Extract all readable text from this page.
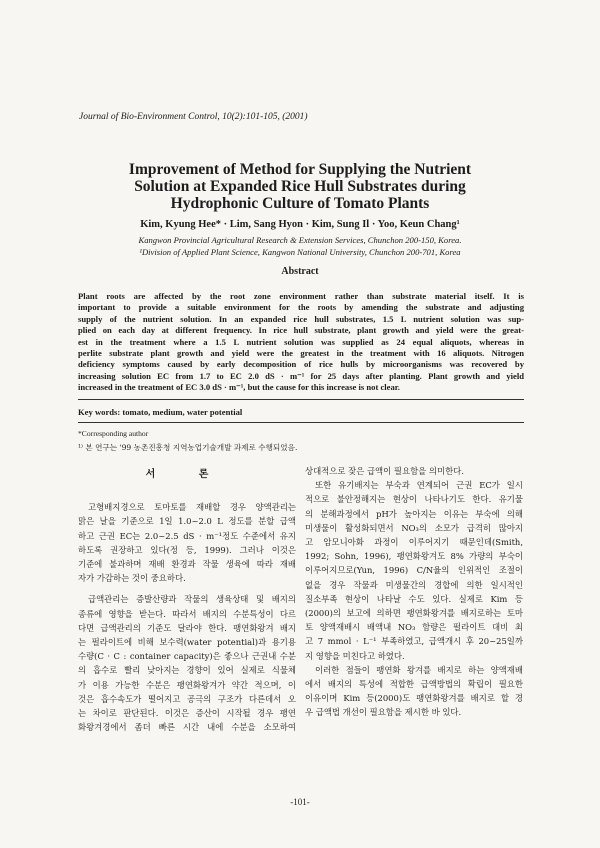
Journal of Bio-Environment Control, 10(2):101-105, (2001)
Improvement of Method for Supplying the Nutrient
Solution at Expanded Rice Hull Substrates during
Hydrophonic Culture of Tomato Plants
Kim, Kyung Hee* · Lim, Sang Hyon · Kim, Sung Il · Yoo, Keun Chang¹
Kangwon Provincial Agricultural Research & Extension Services, Chunchon 200-150, Korea.
¹Division of Applied Plant Science, Kangwon National University, Chunchon 200-701, Korea
Abstract
Plant roots are affected by the root zone environment rather than substrate material itself. It is
important to provide a suitable environment for the roots by amending the substrate and adjusting
supply of the nutrient solution. In an expanded rice hull substrates, 1.5 L nutrient solution was sup-
plied on each day at different frequency. In rice hull substrate, plant growth and yield were the great-
est in the treatment where a 1.5 L nutrient solution was supplied as 24 equal aliquots, whereas in
perlite substrate plant growth and yield were the greatest in the treatment with 16 aliquots. Nitrogen
deficiency symptoms caused by early decomposition of rice hulls by microorganisms was recovered by
increasing solution EC from 1.7 to EC 2.0 dS · m⁻¹ for 25 days after planting. Plant growth and yield
increased in the treatment of EC 3.0 dS · m⁻¹, but the cause for this increase is not clear.
Key words: tomato, medium, water potential
*Corresponding author
¹⁾ 본 연구는 '99 농촌진흥청 지역농업기술개발 과제로 수행되었음.
서 론
고형배지경으로 토마토를 재배할 경우 양액관리는
맑은 날을 기준으로 1일 1.0~2.0 L 정도를 분할 급액
하고 근권 EC는 2.0~2.5 dS · m⁻¹정도 수준에서 유지
하도록 권장하고 있다(정 등, 1999). 그러나 이것은
기준에 불과하며 재배 환경과 작물 생육에 따라 재배
자가 가감하는 것이 중요하다.
급액관리는 증발산량과 작물의 생육상태 및 배지의
종류에 영향을 받는다. 따라서 배지의 수분특성이 다르
다면 급액관리의 기준도 달라야 한다. 팽연화왕겨 배지
는 펄라이트에 비해 보수력(water potential)과 용기용
수량(C · C : container capacity)은 좋으나 근권내 수분
의 흡수로 빨리 낮아지는 경향이 있어 실제로 식물체
가 이용 가능한 수분은 팽연화왕겨가 약간 적으며, 이
것은 흡수속도가 떨어지고 공극의 구조가 다른데서 오
는 차이로 판단된다. 이것은 증산이 시작될 경우 팽연
화왕겨경에서 좀더 빠른 시간 내에 수분을 소모하여
상대적으로 잦은 급액이 필요함을 의미한다.
또한 유기배지는 부숙과 연계되어 근권 EC가 일시
적으로 불안정해지는 현상이 나타나기도 한다. 유기물
의 분해과정에서 pH가 높아지는 이유는 부숙에 의해
미생물이 활성화되면서 NO₃의 소모가 급격히 많아지
고 암모니아화 과정이 이루어지기 때문인데(Smith,
1992; Sohn, 1996), 팽연화왕겨도 8% 가량의 부숙이
이루어지므로(Yun, 1996) C/N율의 인위적인 조절이
없을 경우 작물과 미생물간의 경합에 의한 일시적인
질소부족 현상이 나타날 수도 있다. 실제로 Kim 등
(2000)의 보고에 의하면 팽연화왕겨를 배지로하는 토마
토 양액재배시 배액내 NO₃ 함량은 펄라이트 대비 최
고 7 mmol · L⁻¹ 부족하였고, 급액개시 후 20~25일까
지 영향을 미친다고 하였다.
이러한 점들이 팽연화 왕겨를 배지로 하는 양액재배
에서 배지의 특성에 적합한 급액방법의 확립이 필요한
이유이며 Kim 등(2000)도 팽연화왕겨를 배지로 할 경
우 급액법 개선이 필요함을 제시한 바 있다.
-101-
